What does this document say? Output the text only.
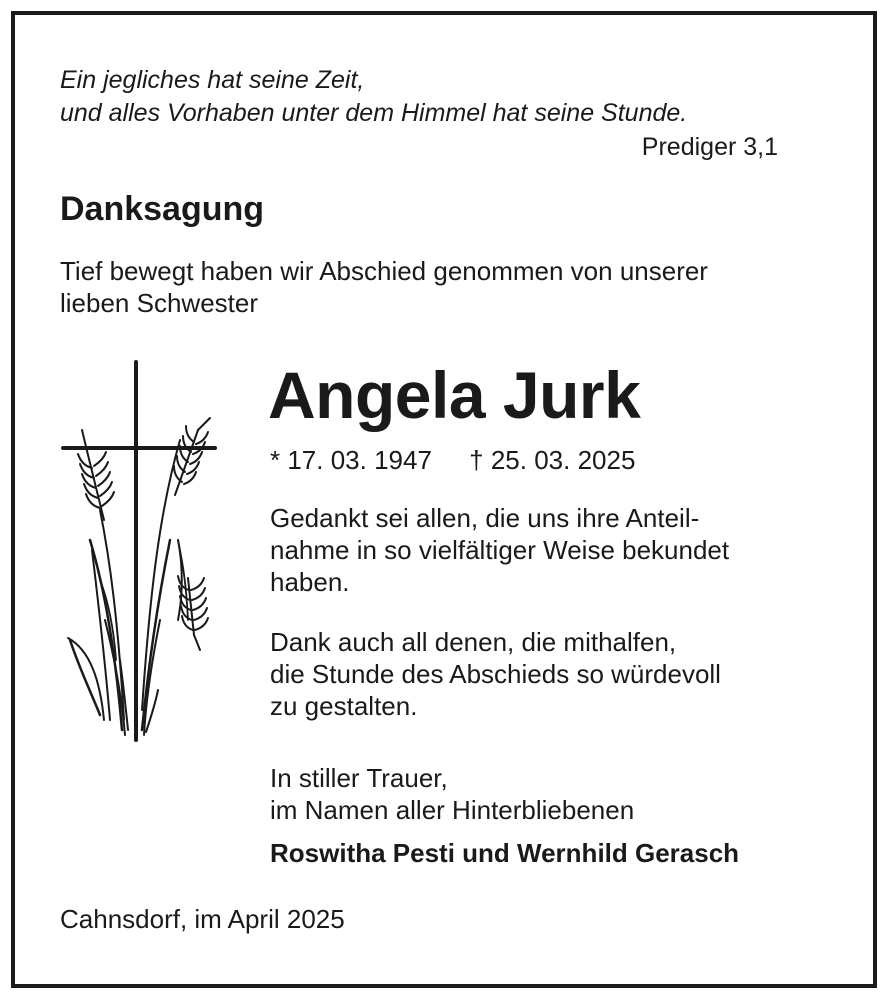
Ein jegliches hat seine Zeit,
und alles Vorhaben unter dem Himmel hat seine Stunde.
Prediger 3,1
Danksagung
Tief bewegt haben wir Abschied genommen von unserer
lieben Schwester
Angela Jurk
* 17. 03. 1947 † 25. 03. 2025
Gedankt sei allen, die uns ihre Anteil-
nahme in so vielfältiger Weise bekundet
haben.
Dank auch all denen, die mithalfen,
die Stunde des Abschieds so würdevoll
zu gestalten.
In stiller Trauer,
im Namen aller Hinterbliebenen
Roswitha Pesti und Wernhild Gerasch
Cahnsdorf, im April 2025
